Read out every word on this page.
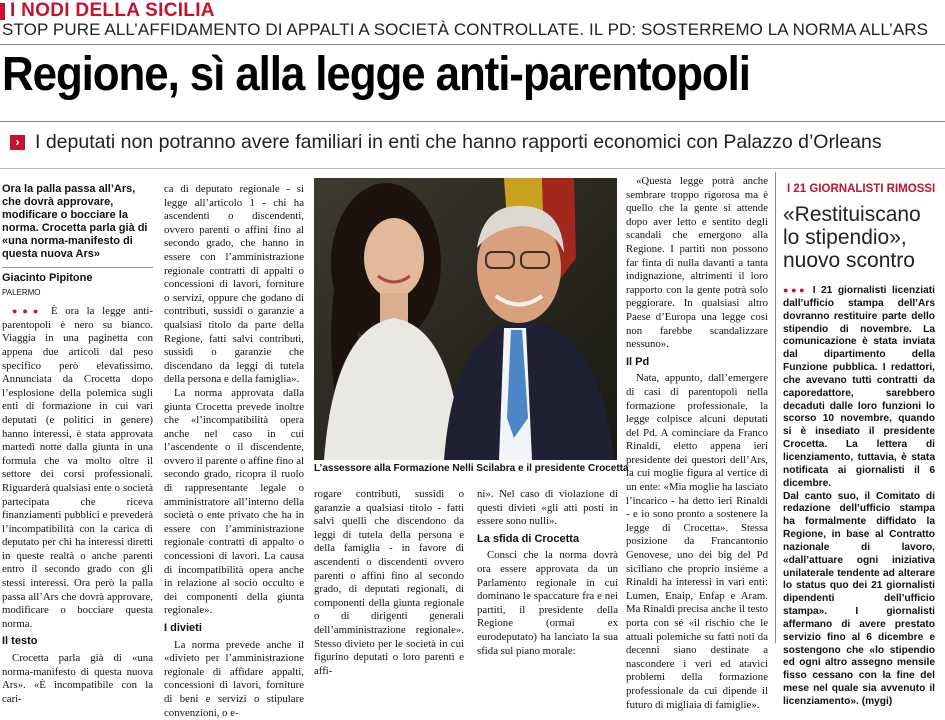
I NODI DELLA SICILIA
STOP PURE ALL’AFFIDAMENTO DI APPALTI A SOCIETÀ CONTROLLATE. IL PD: SOSTERREMO LA NORMA ALL’ARS
Regione, sì alla legge anti-parentopoli
› I deputati non potranno avere familiari in enti che hanno rapporti economici con Palazzo d’Orleans
Ora la palla passa all’Ars, che dovrà approvare, modificare o bocciare la norma. Crocetta parla già di «una norma-manifesto di questa nuova Ars»
Giacinto Pipitone
PALERMO

●●● È ora la legge anti-parentopoli è nero su bianco. Viaggia in una paginetta con appena due articoli dal peso specifico però elevatissimo. Annunciata da Crocetta dopo l’esplosione della polemica sugli enti di formazione in cui vari deputati (e politici in genere) hanno interessi, è stata approvata martedì notte dalla giunta in una formula che va molto oltre il settore dei corsi professionali. Riguarderà qualsiasi ente o società partecipata che riceva finanziamenti pubblici e prevederà l’incompatibilità con la carica di deputato per chi ha interessi diretti in queste realtà o anche parenti entro il secondo grado con gli stessi interessi. Ora però la palla passa all’Ars che dovrà approvare, modificare o bocciare questa norma.

Il testo

Crocetta parla già di «una norma-manifesto di questa nuova Ars». «È incompatibile con la cari-

ca di deputato regionale - si legge all’articolo 1 - chi ha ascendenti o discendenti, ovvero parenti o affini fino al secondo grado, che hanno in essere con l’amministrazione regionale contratti di appalti o concessioni di lavori, forniture o servizi, oppure che godano di contributi, sussidi o garanzie a qualsiasi titolo da parte della Regione, fatti salvi contributi, sussidi o garanzie che discendano da leggi di tutela della persona e della famiglia».

La norma approvata dalla giunta Crocetta prevede inoltre che «l’incompatibilità opera anche nel caso in cui l’ascendente o il discendente, ovvero il parente o affine fino al secondo grado, ricopra il ruolo di rappresentante legale o amministratore all’interno della società o ente privato che ha in essere con l’amministrazione regionale contratti di appalto o concessioni di lavori. La causa di incompatibilità opera anche in relazione al socio occulto e dei componenti della giunta regionale».

I divieti

La norma prevede anche il «divieto per l’amministrazione regionale di affidare appalti, concessioni di lavori, forniture di beni e servizi o stipulare convenzioni, o e-

L’assessore alla Formazione Nelli Scilabra e il presidente Crocetta

rogare contributi, sussidi o garanzie a qualsiasi titolo - fatti salvi quelli che discendono da leggi di tutela della persona e della famiglia - in favore di ascendenti o discendenti ovvero parenti o affini fino al secondo grado, di deputati regionali, di componenti della giunta regionale o di dirigenti generali dell’amministrazione regionale». Stesso divieto per le società in cui figurino deputati o loro parenti e affi-

ni». Nel caso di violazione di questi divieti «gli atti posti in essere sono nulli».

La sfida di Crocetta

Consci che la norma dovrà ora essere approvata da un Parlamento regionale in cui dominano le spaccature fra e nei partiti, il presidente della Regione (ormai ex eurodeputato) ha lanciato la sua sfida sul piano morale:

«Questa legge potrà anche sembrare troppo rigorosa ma è quello che la gente si attende dopo aver letto e sentito degli scandali che emergono alla Regione. I partiti non possono far finta di nulla davanti a tanta indignazione, altrimenti il loro rapporto con la gente potrà solo peggiorare. In qualsiasi altro Paese d’Europa una legge così non farebbe scandalizzare nessuno».

Il Pd

Nata, appunto, dall’emergere di casi di parentopoli nella formazione professionale, la legge colpisce alcuni deputati del Pd. A cominciare da Franco Rinaldi, eletto appena ieri presidente dei questori dell’Ars, la cui moglie figura al vertice di un ente: «Mia moglie ha lasciato l’incarico - ha detto ieri Rinaldi - e io sono pronto a sostenere la legge di Crocetta». Stessa posizione da Francantonio Genovese, uno dei big del Pd siciliano che proprio insieme a Rinaldi ha interessi in vari enti: Lumen, Enaip, Enfap e Aram. Ma Rinaldi precisa anche il testo porta con sé «il rischio che le attuali polemiche su fatti noti da decenni siano destinate a nascondere i veri ed atavici problemi della formazione professionale da cui dipende il futuro di migliaia di famiglie».

I 21 GIORNALISTI RIMOSSI
«Restituiscano lo stipendio», nuovo scontro

●●● I 21 giornalisti licenziati dall’ufficio stampa dell’Ars dovranno restituire parte dello stipendio di novembre. La comunicazione è stata inviata dal dipartimento della Funzione pubblica. I redattori, che avevano tutti contratti da caporedattore, sarebbero decaduti dalle loro funzioni lo scorso 10 novembre, quando si è insediato il presidente Crocetta. La lettera di licenziamento, tuttavia, è stata notificata ai giornalisti il 6 dicembre.

Dal canto suo, il Comitato di redazione dell’ufficio stampa ha formalmente diffidato la Regione, in base al Contratto nazionale di lavoro, «dall’attuare ogni iniziativa unilaterale tendente ad alterare lo status quo dei 21 giornalisti dipendenti dell’ufficio stampa». I giornalisti affermano di avere prestato servizio fino al 6 dicembre e sostengono che «lo stipendio ed ogni altro assegno mensile fisso cessano con la fine del mese nel quale sia avvenuto il licenziamento». (mygi)
